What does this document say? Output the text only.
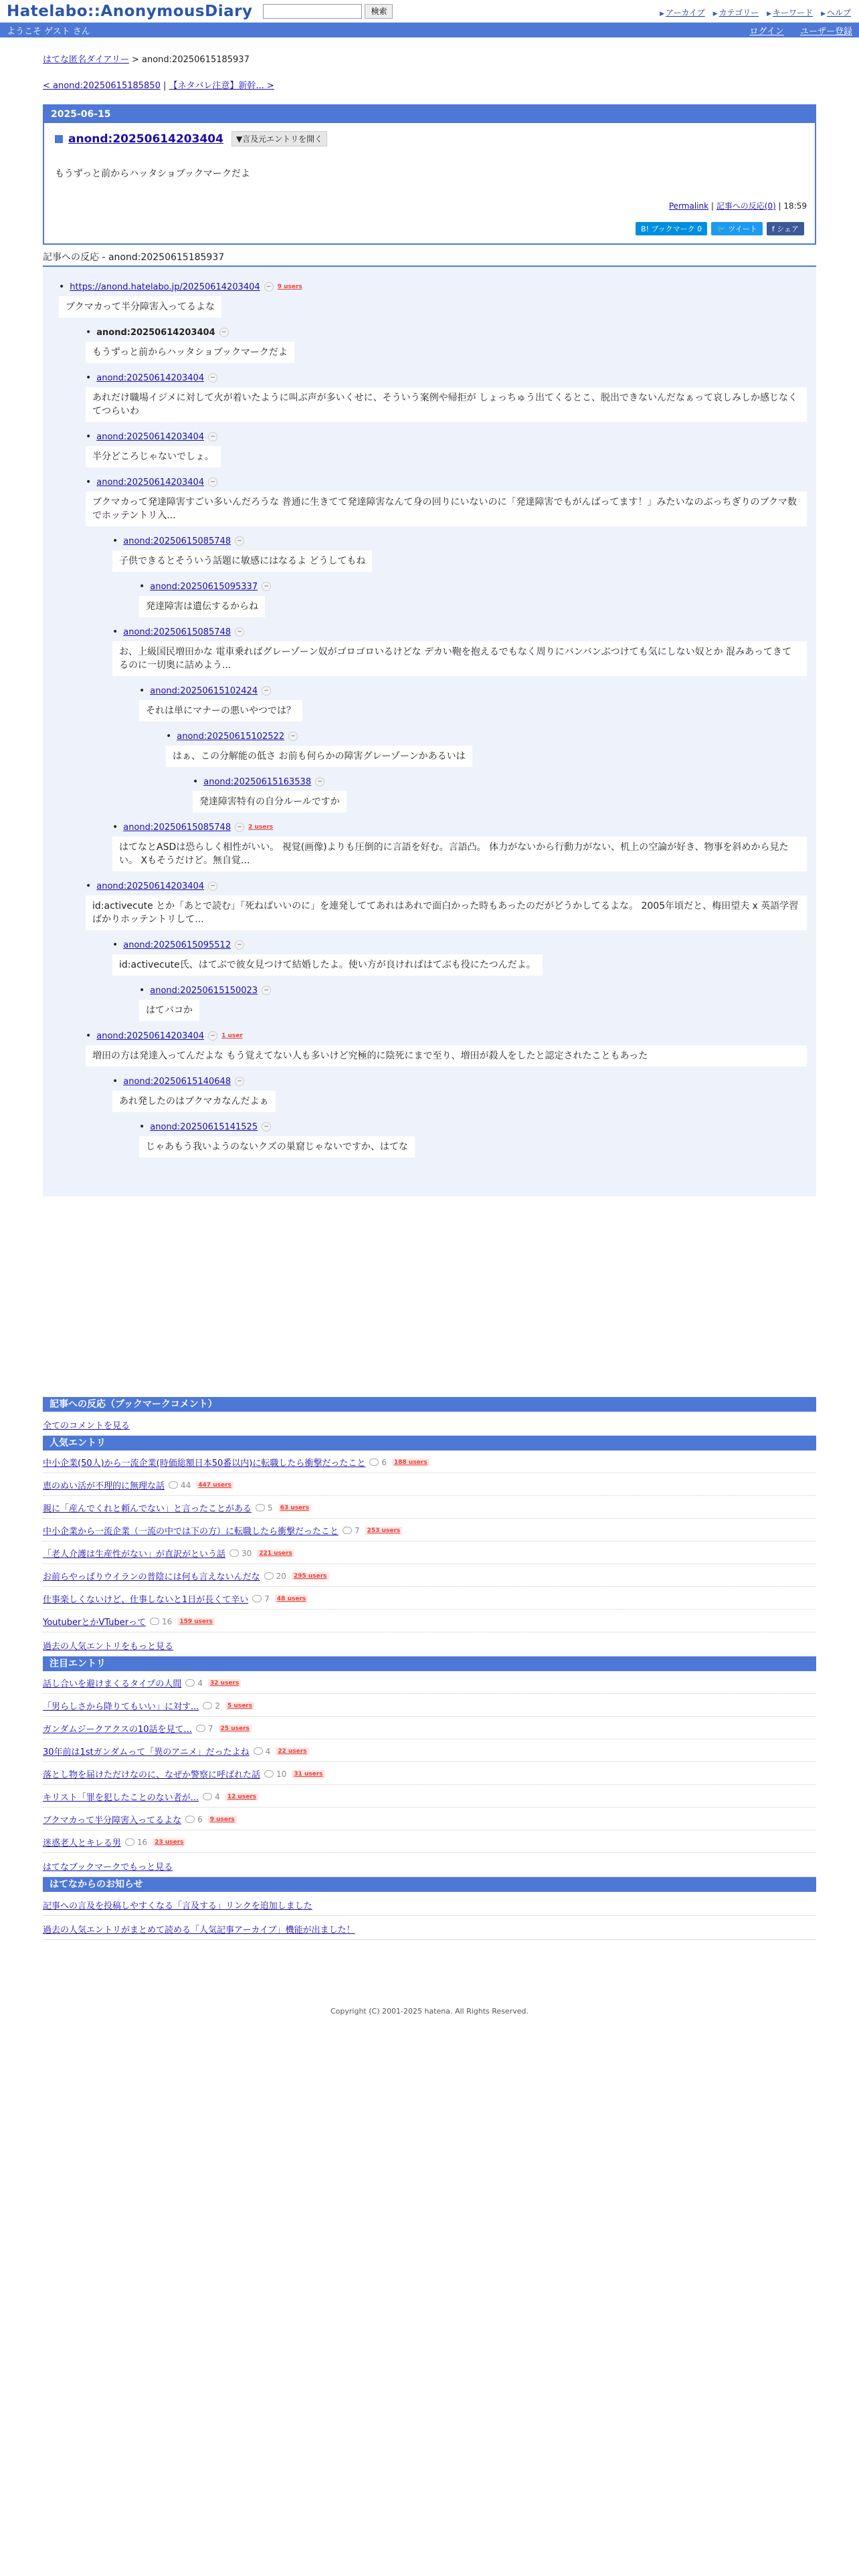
Hatelabo::AnonymousDiary	検索	▶ アーカイブ ▶ カテゴリー ▶ キーワード ▶ ヘルプ
ようこそ ゲスト さん	ログイン ユーザー登録
はてな匿名ダイアリー > anond:20250615185937
< anond:20250615185850 | 【ネタバレ注意】新幹... >
2025-06-15
anond:20250614203404	▼言及元エントリを開く
もうずっと前からハッタショブックマークだよ
Permalink | 記事への反応(0) | 18:59
B! ブックマーク 0	🐦 ツイート	f シェア
記事への反応 - anond:20250615185937
• https://anond.hatelabo.jp/20250614203404	−	9 users
ブクマカって半分障害入ってるよな
• anond:20250614203404	−
もうずっと前からハッタショブックマークだよ
• anond:20250614203404	−
あれだけ職場イジメに対して火が着いたように叫ぶ声が多いくせに、そういう案例や帰拒が しょっちゅう出てくるとこ、脱出できないんだなぁって哀しみしか感じなくてつらいわ
• anond:20250614203404	−
半分どころじゃないでしょ。
• anond:20250614203404	−
ブクマカって発達障害すごい多いんだろうな 普通に生きてて発達障害なんて身の回りにいないのに「発達障害でもがんばってます！」みたいなのぶっちぎりのブクマ数でホッテントリ入...
• anond:20250615085748	−
子供できるとそういう話題に敏感にはなるよ どうしてもね
• anond:20250615095337	−
発達障害は遺伝するからね
• anond:20250615085748	−
お、上級国民増田かな 電車乗ればグレーゾーン奴がゴロゴロいるけどな デカい鞄を抱えるでもなく周りにバンバンぶつけても気にしない奴とか 混みあってきてるのに一切奥に詰めよう...
• anond:20250615102424	−
それは単にマナーの悪いやつでは？
• anond:20250615102522	−
はぁ、この分解能の低さ お前も何らかの障害グレーゾーンかあるいは
• anond:20250615163538	−
発達障害特有の自分ルールですか
• anond:20250615085748	−	2 users
はてなとASDは恐らしく相性がいい。 視覚(画像)よりも圧倒的に言語を好む。言語凸。 体力がないから行動力がない、机上の空論が好き、物事を斜めから見たい。 Xもそうだけど。無自覚...
• anond:20250614203404	−
id:activecute とか「あとで読む」「死ねばいいのに」を連発しててあれはあれで面白かった時もあったのだがどうかしてるよな。 2005年頃だと、梅田望夫 x 英語学習ばかりホッテントリして...
• anond:20250615095512	−
id:activecute氏、はてぶで彼女見つけて結婚したよ。使い方が良ければはてぶも役にたつんだよ。
• anond:20250615150023	−
はてバコか
• anond:20250614203404	−	1 user
増田の方は発達入ってんだよな もう覚えてない人も多いけど究極的に陰死にまで至り、増田が殺人をしたと認定されたこともあった
• anond:20250615140648	−
あれ発したのはブクマカなんだよぁ
• anond:20250615141525	−
じゃあもう我いようのないクズの巣窟じゃないですか、はてな
記事への反応（ブックマークコメント）
全てのコメントを見る
人気エントリ
中小企業(50人)から一流企業(時価総額日本50番以内)に転職したら衝撃だったこと 6	188 users
恵のぬい活が不理的に無理な話 44	447 users
親に「産んでくれと頼んでない」と言ったことがある 5	63 users
中小企業から一流企業（一流の中では下の方）に転職したら衝撃だったこと 7	253 users
「老人介護は生産性がない」が直訳がという話 30	221 users
お前らやっぱりウイランの普陰には何も言えないんだな 20	295 users
仕事楽しくないけど、仕事しないと1日が長くて辛い 7	48 users
YoutuberとかVTuberって 16	159 users
過去の人気エントリをもっと見る
注目エントリ
話し合いを避けまくるタイプの人間 4	32 users
「男らしさから降りてもいい」に対す... 2	5 users
ガンダムジークアクスの10話を見て... 7	25 users
30年前は1stガンダムって「異のアニメ」だったよね 4	22 users
落とし物を届けただけなのに、なぜか警察に呼ばれた話 10	31 users
キリスト「罪を犯したことのない者が... 4	12 users
ブクマカって半分障害入ってるよな 6	9 users
迷惑老人とキレる男 16	23 users
はてなブックマークでもっと見る
はてなからのお知らせ
記事への言及を投稿しやすくなる「言及する」リンクを追加しました
過去の人気エントリがまとめて読める「人気記事アーカイブ」機能が出ました！
Copyright (C) 2001-2025 hatena. All Rights Reserved.
